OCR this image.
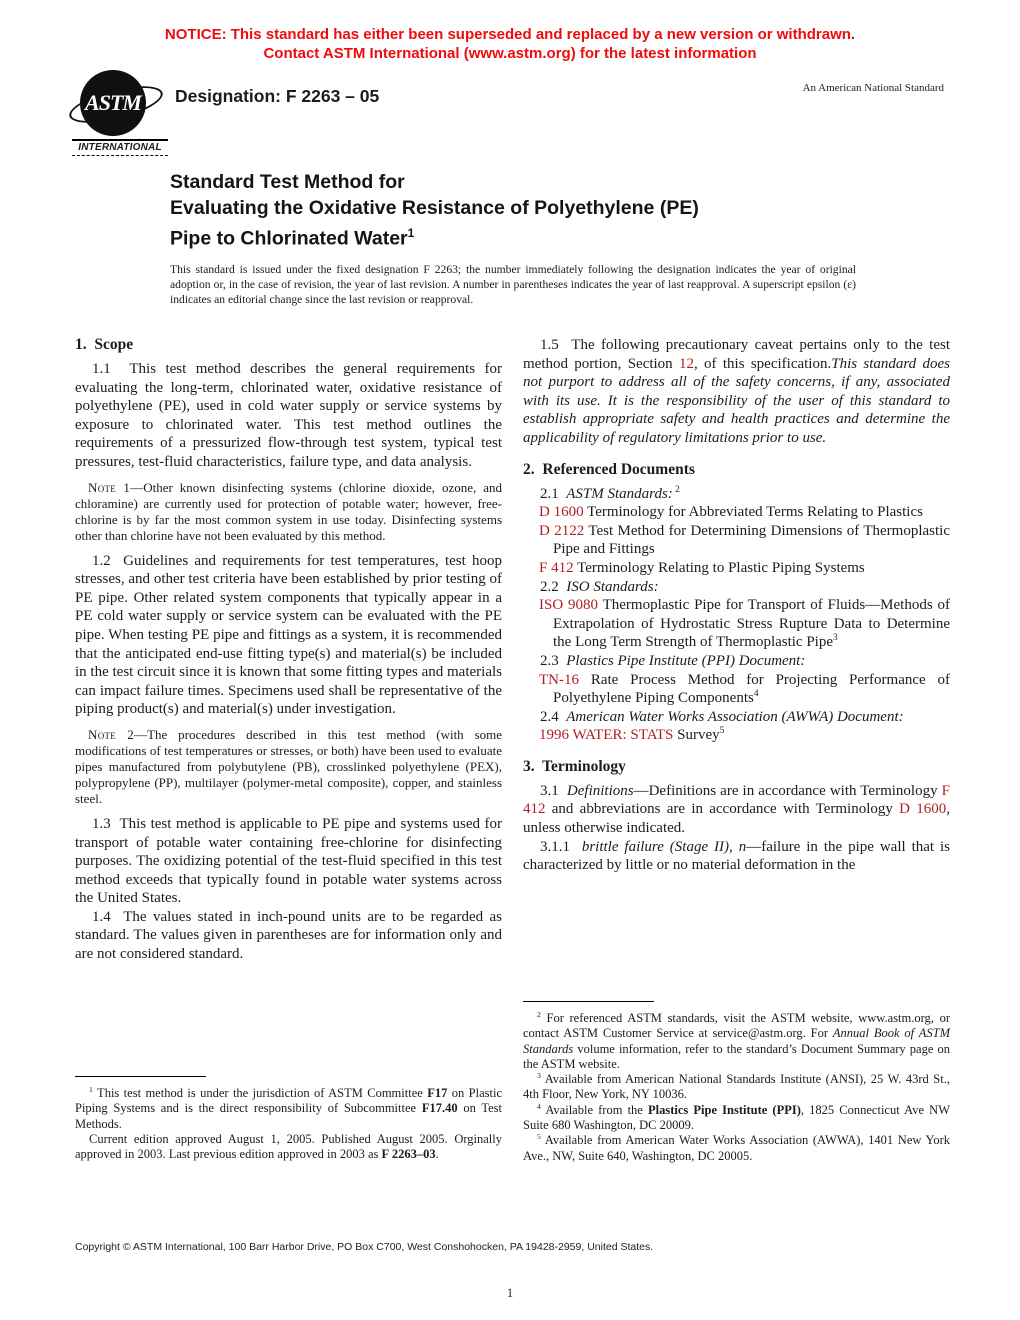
NOTICE: This standard has either been superseded and replaced by a new version or withdrawn.
Contact ASTM International (www.astm.org) for the latest information
ASTM
INTERNATIONAL
Designation: F 2263 – 05	An American National Standard
Standard Test Method for
Evaluating the Oxidative Resistance of Polyethylene (PE)
Pipe to Chlorinated Water$^1$
This standard is issued under the fixed designation F 2263; the number immediately following the designation indicates the year of original adoption or, in the case of revision, the year of last revision. A number in parentheses indicates the year of last reapproval. A superscript epsilon (ε) indicates an editorial change since the last revision or reapproval.

1.  Scope

1.1  This test method describes the general requirements for evaluating the long-term, chlorinated water, oxidative resistance of polyethylene (PE), used in cold water supply or service systems by exposure to chlorinated water. This test method outlines the requirements of a pressurized flow-through test system, typical test pressures, test-fluid characteristics, failure type, and data analysis.

Note 1—Other known disinfecting systems (chlorine dioxide, ozone, and chloramine) are currently used for protection of potable water; however, free-chlorine is by far the most common system in use today. Disinfecting systems other than chlorine have not been evaluated by this method.

1.2  Guidelines and requirements for test temperatures, test hoop stresses, and other test criteria have been established by prior testing of PE pipe. Other related system components that typically appear in a PE cold water supply or service system can be evaluated with the PE pipe. When testing PE pipe and fittings as a system, it is recommended that the anticipated end-use fitting type(s) and material(s) be included in the test circuit since it is known that some fitting types and materials can impact failure times. Specimens used shall be representative of the piping product(s) and material(s) under investigation.

Note 2—The procedures described in this test method (with some modifications of test temperatures or stresses, or both) have been used to evaluate pipes manufactured from polybutylene (PB), crosslinked polyethylene (PEX), polypropylene (PP), multilayer (polymer-metal composite), copper, and stainless steel.

1.3  This test method is applicable to PE pipe and systems used for transport of potable water containing free-chlorine for disinfecting purposes. The oxidizing potential of the test-fluid specified in this test method exceeds that typically found in potable water systems across the United States.

1.4  The values stated in inch-pound units are to be regarded as standard. The values given in parentheses are for information only and are not considered standard.

1.5  The following precautionary caveat pertains only to the test method portion, Section 12, of this specification.This standard does not purport to address all of the safety concerns, if any, associated with its use. It is the responsibility of the user of this standard to establish appropriate safety and health practices and determine the applicability of regulatory limitations prior to use.

2.  Referenced Documents

2.1  ASTM Standards: $^2$

D 1600 Terminology for Abbreviated Terms Relating to Plastics

D 2122 Test Method for Determining Dimensions of Thermoplastic Pipe and Fittings

F 412 Terminology Relating to Plastic Piping Systems

2.2  ISO Standards:

ISO 9080 Thermoplastic Pipe for Transport of Fluids—Methods of Extrapolation of Hydrostatic Stress Rupture Data to Determine the Long Term Strength of Thermoplastic Pipe$^3$

2.3  Plastics Pipe Institute (PPI) Document:

TN-16 Rate Process Method for Projecting Performance of Polyethylene Piping Components$^4$

2.4  American Water Works Association (AWWA) Document:

1996 WATER: STATS Survey$^5$

3.  Terminology

3.1  Definitions—Definitions are in accordance with Terminology F 412 and abbreviations are in accordance with Terminology D 1600, unless otherwise indicated.

3.1.1  brittle failure (Stage II), n—failure in the pipe wall that is characterized by little or no material deformation in the

$^1$ This test method is under the jurisdiction of ASTM Committee F17 on Plastic Piping Systems and is the direct responsibility of Subcommittee F17.40 on Test Methods.

Current edition approved August 1, 2005. Published August 2005. Orginally approved in 2003. Last previous edition approved in 2003 as F 2263–03.

$^2$ For referenced ASTM standards, visit the ASTM website, www.astm.org, or contact ASTM Customer Service at service@astm.org. For Annual Book of ASTM Standards volume information, refer to the standard’s Document Summary page on the ASTM website.

$^3$ Available from American National Standards Institute (ANSI), 25 W. 43rd St., 4th Floor, New York, NY 10036.

$^4$ Available from the Plastics Pipe Institute (PPI), 1825 Connecticut Ave NW Suite 680 Washington, DC 20009.

$^5$ Available from American Water Works Association (AWWA), 1401 New York Ave., NW, Suite 640, Washington, DC 20005.

Copyright © ASTM International, 100 Barr Harbor Drive, PO Box C700, West Conshohocken, PA 19428-2959, United States.
1
